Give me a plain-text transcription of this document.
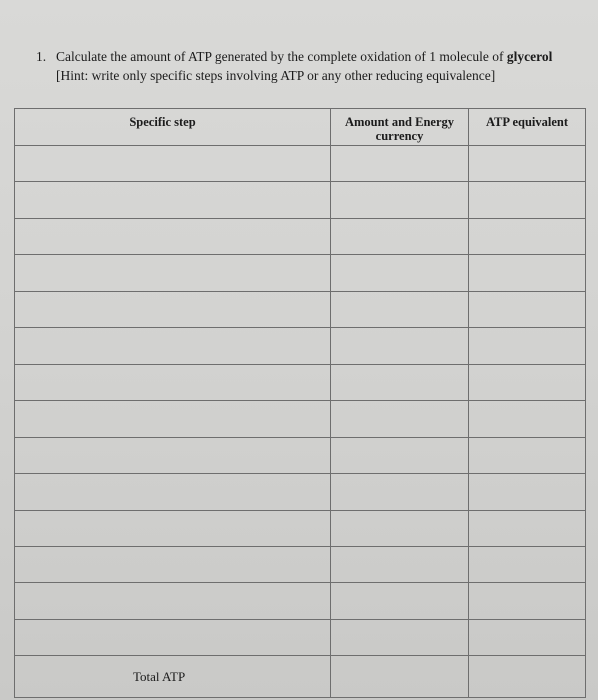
1. Calculate the amount of ATP generated by the complete oxidation of 1 molecule of glycerol [Hint: write only specific steps involving ATP or any other reducing equivalence]
Specific step	Amount and Energy currency	ATP equivalent

Total ATP		
